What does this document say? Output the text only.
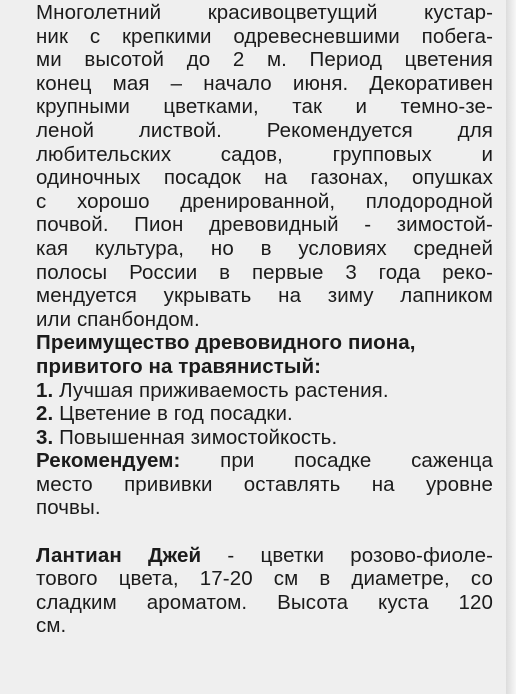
Многолетний красивоцветущий кустар-
ник с крепкими одревесневшими побега-
ми высотой до 2 м. Период цветения
конец мая – начало июня. Декоративен
крупными цветками, так и темно-зе-
леной листвой. Рекомендуется для
любительских садов, групповых и
одиночных посадок на газонах, опушках
с хорошо дренированной, плодородной
почвой. Пион древовидный - зимостой-
кая культура, но в условиях средней
полосы России в первые 3 года реко-
мендуется укрывать на зиму лапником
или спанбондом.
Преимущество древовидного пиона,
привитого на травянистый:
1. Лучшая приживаемость растения.
2. Цветение в год посадки.
3. Повышенная зимостойкость.
Рекомендуем: при посадке саженца
место прививки оставлять на уровне
почвы.
Лантиан Джей - цветки розово-фиоле-
тового цвета, 17-20 см в диаметре, со
сладким ароматом. Высота куста 120
см.
